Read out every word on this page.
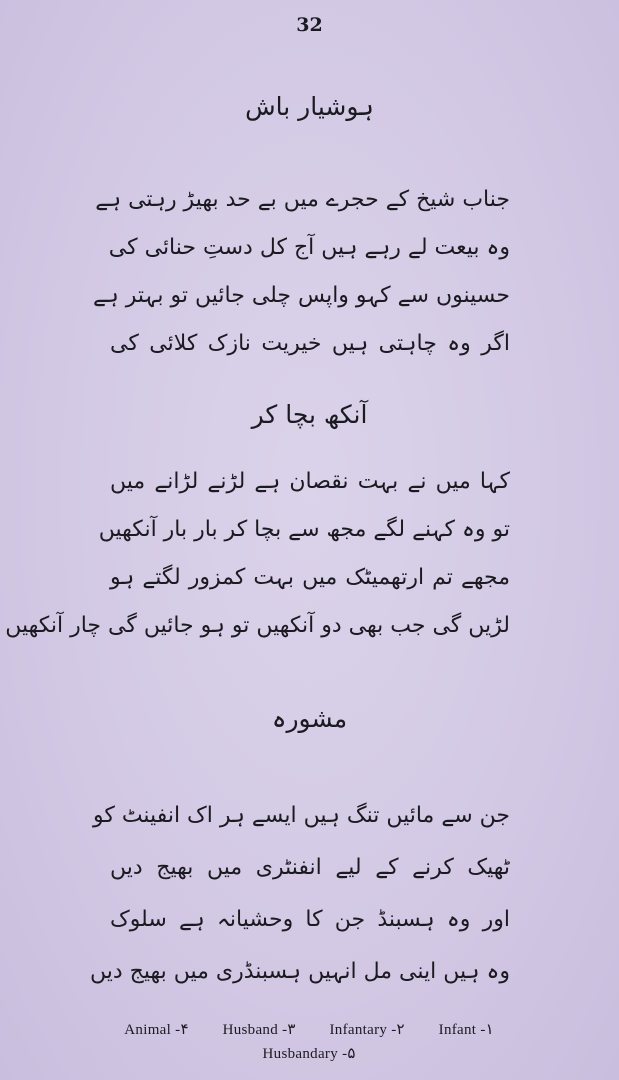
32
ہوشیار باش
جناب شیخ کے حجرے میں بے حد بھیڑ رہتی ہے
وہ بیعت لے رہے ہیں آج کل دستِ حنائی کی
حسینوں سے کہو واپس چلی جائیں تو بہتر ہے
اگر وہ چاہتی ہیں خیریت نازک کلائی کی
آنکھ بچا کر
کہا میں نے بہت نقصان ہے لڑنے لڑانے میں
تو وہ کہنے لگے مجھ سے بچا کر بار بار آنکھیں
مجھے تم ارتھمیٹک میں بہت کمزور لگتے ہو
لڑیں گی جب بھی دو آنکھیں تو ہو جائیں گی چار آنکھیں
مشورہ
جن سے مائیں تنگ ہیں ایسے ہر اک انفینٹ کو
ٹھیک کرنے کے لیے انفنٹری میں بھیج دیں
اور وہ ہسبنڈ جن کا وحشیانہ ہے سلوک
وہ ہیں اینی مل انہیں ہسبنڈری میں بھیج دیں
Infant -۱ Infantary -۲ Husband -۳ Animal -۴
Husbandary -۵
